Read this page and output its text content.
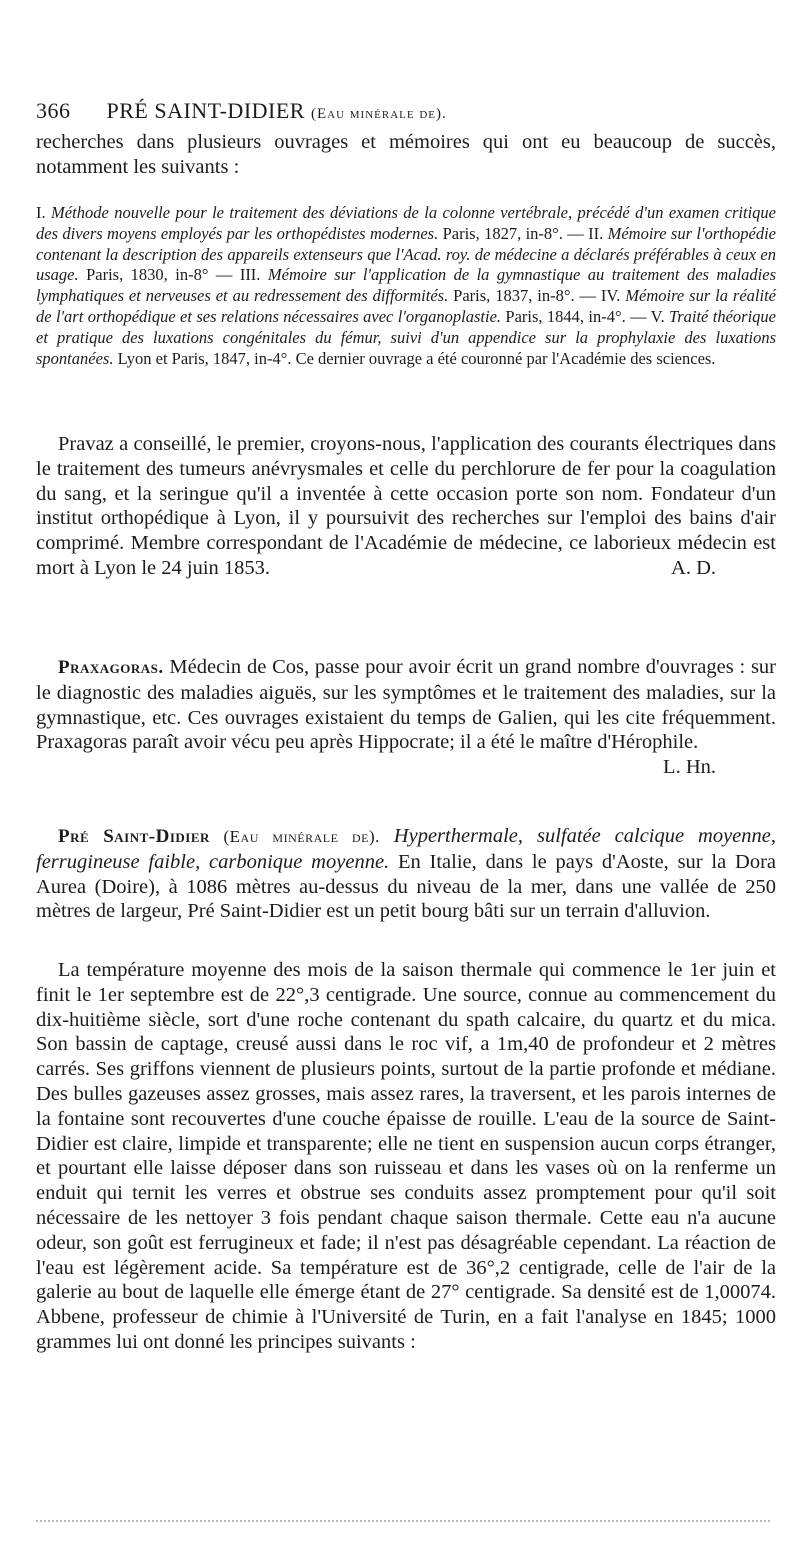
366 PRÉ SAINT-DIDIER (Eau minérale de).

recherches dans plusieurs ouvrages et mémoires qui ont eu beaucoup de succès, notamment les suivants :

I. Méthode nouvelle pour le traitement des déviations de la colonne vertébrale, précédé d'un examen critique des divers moyens employés par les orthopédistes modernes. Paris, 1827, in-8°. — II. Mémoire sur l'orthopédie contenant la description des appareils extenseurs que l'Acad. roy. de médecine a déclarés préférables à ceux en usage. Paris, 1830, in-8° — III. Mémoire sur l'application de la gymnastique au traitement des maladies lymphatiques et nerveuses et au redressement des difformités. Paris, 1837, in-8°. — IV. Mémoire sur la réalité de l'art orthopédique et ses relations nécessaires avec l'organoplastie. Paris, 1844, in-4°. — V. Traité théorique et pratique des luxations congénitales du fémur, suivi d'un appendice sur la prophylaxie des luxations spontanées. Lyon et Paris, 1847, in-4°. Ce dernier ouvrage a été couronné par l'Académie des sciences.

Pravaz a conseillé, le premier, croyons-nous, l'application des courants électriques dans le traitement des tumeurs anévrysmales et celle du perchlorure de fer pour la coagulation du sang, et la seringue qu'il a inventée à cette occasion porte son nom. Fondateur d'un institut orthopédique à Lyon, il y poursuivit des recherches sur l'emploi des bains d'air comprimé. Membre correspondant de l'Académie de médecine, ce laborieux médecin est mort à Lyon le 24 juin 1853.	A. D.

Praxagoras. Médecin de Cos, passe pour avoir écrit un grand nombre d'ouvrages : sur le diagnostic des maladies aiguës, sur les symptômes et le traitement des maladies, sur la gymnastique, etc. Ces ouvrages existaient du temps de Galien, qui les cite fréquemment. Praxagoras paraît avoir vécu peu après Hippocrate; il a été le maître d'Hérophile.
L. Hn.

Pré Saint-Didier (Eau minérale de). Hyperthermale, sulfatée calcique moyenne, ferrugineuse faible, carbonique moyenne. En Italie, dans le pays d'Aoste, sur la Dora Aurea (Doire), à 1086 mètres au-dessus du niveau de la mer, dans une vallée de 250 mètres de largeur, Pré Saint-Didier est un petit bourg bâti sur un terrain d'alluvion.

La température moyenne des mois de la saison thermale qui commence le 1er juin et finit le 1er septembre est de 22°,3 centigrade. Une source, connue au commencement du dix-huitième siècle, sort d'une roche contenant du spath calcaire, du quartz et du mica. Son bassin de captage, creusé aussi dans le roc vif, a 1m,40 de profondeur et 2 mètres carrés. Ses griffons viennent de plusieurs points, surtout de la partie profonde et médiane. Des bulles gazeuses assez grosses, mais assez rares, la traversent, et les parois internes de la fontaine sont recouvertes d'une couche épaisse de rouille. L'eau de la source de Saint-Didier est claire, limpide et transparente; elle ne tient en suspension aucun corps étranger, et pourtant elle laisse déposer dans son ruisseau et dans les vases où on la renferme un enduit qui ternit les verres et obstrue ses conduits assez promptement pour qu'il soit nécessaire de les nettoyer 3 fois pendant chaque saison thermale. Cette eau n'a aucune odeur, son goût est ferrugineux et fade; il n'est pas désagréable cependant. La réaction de l'eau est légèrement acide. Sa température est de 36°,2 centigrade, celle de l'air de la galerie au bout de laquelle elle émerge étant de 27° centigrade. Sa densité est de 1,00074. Abbene, professeur de chimie à l'Université de Turin, en a fait l'analyse en 1845; 1000 grammes lui ont donné les principes suivants :
